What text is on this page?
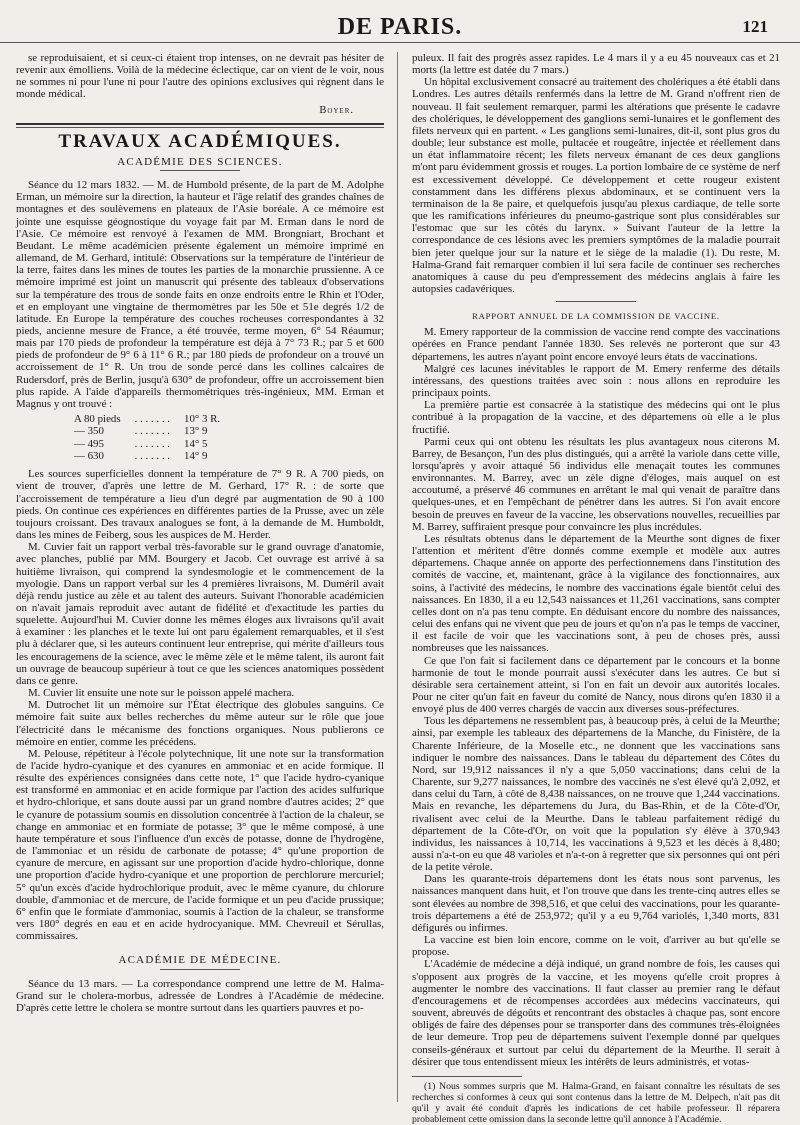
DE PARIS.	121

se reproduisaient, et si ceux-ci étaient trop intenses, on ne devrait pas hésiter de revenir aux émolliens. Voilà de la médecine éclectique, car on vient de le voir, nous ne sommes ni pour l'une ni pour l'autre des opinions exclusives qui règnent dans le monde médical.

Boyer.
TRAVAUX ACADÉMIQUES.
ACADÉMIE DES SCIENCES.

Séance du 12 mars 1832. — M. de Humbold présente, de la part de M. Adolphe Erman, un mémoire sur la direction, la hauteur et l'âge relatif des grandes chaînes de montagnes et des soulèvemens en plateaux de l'Asie boréale. A ce mémoire est jointe une esquisse géognostique du voyage fait par M. Erman dans le nord de l'Asie. Ce mémoire est renvoyé à l'examen de MM. Brongniart, Brochant et Beudant. Le même académicien présente également un mémoire imprimé en allemand, de M. Gerhard, intitulé: Observations sur la température de l'intérieur de la terre, faites dans les mines de toutes les parties de la monarchie prussienne. A ce mémoire imprimé est joint un manuscrit qui présente des tableaux d'observations sur la température des trous de sonde faits en onze endroits entre le Rhin et l'Oder, et en employant une vingtaine de thermomètres par les 50e et 51e degrés 1/2 de latitude. En Europe la température des couches rocheuses correspondantes à 32 pieds, ancienne mesure de France, a été trouvée, terme moyen, 6° 54 Réaumur; mais par 170 pieds de profondeur la température est déjà à 7° 73 R.; par 5 et 600 pieds de profondeur de 9° 6 à 11° 6 R.; par 180 pieds de profondeur on a trouvé un accroissement de 1° R. Un trou de sonde percé dans les collines calcaires de Rudersdorf, près de Berlin, jusqu'à 630° de profondeur, offre un accroissement bien plus rapide. A l'aide d'appareils thermométriques très-ingénieux, MM. Erman et Magnus y ont trouvé :

A 80 pieds	. . . . . . .	10° 3 R.
— 350	. . . . . . .	13° 9
— 495	. . . . . . .	14° 5
— 630	. . . . . . .	14° 9

Les sources superficielles donnent la température de 7° 9 R. A 700 pieds, on vient de trouver, d'après une lettre de M. Gerhard, 17° R. : de sorte que l'accroissement de température a lieu d'un degré par augmentation de 90 à 100 pieds. On continue ces expériences en différentes parties de la Prusse, avec un zèle toujours croissant. Des travaux analogues se font, à la demande de M. Humboldt, dans les mines de Feiberg, sous les auspices de M. Herder.

M. Cuvier fait un rapport verbal très-favorable sur le grand ouvrage d'anatomie, avec planches, publié par MM. Bourgery et Jacob. Cet ouvrage est arrivé à sa huitième livraison, qui comprend la syndesmologie et le commencement de la myologie. Dans un rapport verbal sur les 4 premières livraisons, M. Duméril avait déjà rendu justice au zèle et au talent des auteurs. Suivant l'honorable académicien on n'avait jamais reproduit avec autant de fidélité et d'exactitude les parties du squelette. Aujourd'hui M. Cuvier donne les mêmes éloges aux livraisons qu'il avait à examiner : les planches et le texte lui ont paru également remarquables, et il s'est plu à déclarer que, si les auteurs continuent leur entreprise, qui mérite d'ailleurs tous les encouragemens de la science, avec le même zèle et le même talent, ils auront fait un ouvrage de beaucoup supérieur à tout ce que les sciences anatomiques possèdent dans ce genre.

M. Cuvier lit ensuite une note sur le poisson appelé machera.

M. Dutrochet lit un mémoire sur l'État électrique des globules sanguins. Ce mémoire fait suite aux belles recherches du même auteur sur le rôle que joue l'électricité dans le mécanisme des fonctions organiques. Nous publierons ce mémoire en entier, comme les précédens.

M. Pelouse, répétiteur à l'école polytechnique, lit une note sur la transformation de l'acide hydro-cyanique et des cyanures en ammoniac et en acide formique. Il résulte des expériences consignées dans cette note, 1° que l'acide hydro-cyanique est transformé en ammoniac et en acide formique par l'action des acides sulfurique et hydro-chlorique, et sans doute aussi par un grand nombre d'autres acides; 2° que le cyanure de potassium soumis en dissolution concentrée à l'action de la chaleur, se change en ammoniac et en formiate de potasse; 3° que le même composé, à une haute température et sous l'influence d'un excès de potasse, donne de l'hydrogène, de l'ammoniac et un résidu de carbonate de potasse; 4° qu'une proportion de cyanure de mercure, en agissant sur une proportion d'acide hydro-chlorique, donne une proportion d'acide hydro-cyanique et une proportion de perchlorure mercuriel; 5° qu'un excès d'acide hydrochlorique produit, avec le même cyanure, du chlorure double, d'ammoniac et de mercure, de l'acide formique et un peu d'acide prussique; 6° enfin que le formiate d'ammoniac, soumis à l'action de la chaleur, se transforme vers 180° degrés en eau et en acide hydrocyanique. MM. Chevreuil et Sérullas, commissaires.

ACADÉMIE DE MÉDECINE.

Séance du 13 mars. — La correspondance comprend une lettre de M. Halma-Grand sur le cholera-morbus, adressée de Londres à l'Académie de médecine. D'après cette lettre le cholera se montre surtout dans les quartiers pauvres et po-

puleux. Il fait des progrès assez rapides. Le 4 mars il y a eu 45 nouveaux cas et 21 morts (la lettre est datée du 7 mars.)

Un hôpital exclusivement consacré au traitement des cholériques a été établi dans Londres. Les autres détails renfermés dans la lettre de M. Grand n'offrent rien de nouveau. Il fait seulement remarquer, parmi les altérations que présente le cadavre des cholériques, le développement des ganglions semi-lunaires et le gonflement des filets nerveux qui en partent. « Les ganglions semi-lunaires, dit-il, sont plus gros du double; leur substance est molle, pultacée et rougeâtre, injectée et réellement dans un état inflammatoire récent; les filets nerveux émanant de ces deux ganglions m'ont paru évidemment grossis et rouges. La portion lombaire de ce système de nerf est excessivement développé. Ce développement et cette rougeur existent constamment dans les différens plexus abdominaux, et se continuent vers la terminaison de la 8e paire, et quelquefois jusqu'au plexus cardiaque, de telle sorte que les ramifications inférieures du pneumo-gastrique sont plus considérables sur l'estomac que sur les côtés du larynx. » Suivant l'auteur de la lettre la correspondance de ces lésions avec les premiers symptômes de la maladie pourrait bien jeter quelque jour sur la nature et le siège de la maladie (1). Du reste, M. Halma-Grand fait remarquer combien il lui sera facile de continuer ses recherches anatomiques à cause du peu d'empressement des médecins anglais à faire les autopsies cadavériques.

RAPPORT ANNUEL DE LA COMMISSION DE VACCINE.

M. Emery rapporteur de la commission de vaccine rend compte des vaccinations opérées en France pendant l'année 1830. Ses relevés ne porteront que sur 43 départemens, les autres n'ayant point encore envoyé leurs états de vaccinations.

Malgré ces lacunes inévitables le rapport de M. Emery renferme des détails intéressans, des questions traitées avec soin : nous allons en reproduire les principaux points.

La première partie est consacrée à la statistique des médecins qui ont le plus contribué à la propagation de la vaccine, et des départemens où elle a le plus fructifié.

Parmi ceux qui ont obtenu les résultats les plus avantageux nous citerons M. Barrey, de Besançon, l'un des plus distingués, qui a arrêté la variole dans cette ville, lorsqu'après y avoir attaqué 56 individus elle menaçait toutes les communes environnantes. M. Barrey, avec un zèle digne d'éloges, mais auquel on est accoutumé, a préservé 46 communes en arrêtant le mal qui venait de paraître dans quelques-unes, et en l'empêchant de pénétrer dans les autres. Si l'on avait encore besoin de preuves en faveur de la vaccine, les observations nouvelles, recueillies par M. Barrey, suffiraient presque pour convaincre les plus incrédules.

Les résultats obtenus dans le département de la Meurthe sont dignes de fixer l'attention et méritent d'être donnés comme exemple et modèle aux autres départemens. Chaque année on apporte des perfectionnemens dans l'institution des comités de vaccine, et, maintenant, grâce à la vigilance des fonctionnaires, aux soins, à l'activité des médecins, le nombre des vaccinations égale bientôt celui des naissances. En 1830, il a eu 12,543 naissances et 11,261 vaccinations, sans compter celles dont on n'a pas tenu compte. En déduisant encore du nombre des naissances, celui des enfans qui ne vivent que peu de jours et qu'on n'a pas le temps de vacciner, il est facile de voir que les vaccinations sont, à peu de choses près, aussi nombreuses que les naissances.

Ce que l'on fait si facilement dans ce département par le concours et la bonne harmonie de tout le monde pourrait aussi s'exécuter dans les autres. Ce but si désirable sera certainement atteint, si l'on en fait un devoir aux autorités locales. Pour ne citer qu'un fait en faveur du comité de Nancy, nous dirons qu'en 1830 il a envoyé plus de 400 verres chargés de vaccin aux diverses sous-préfectures.

Tous les départemens ne ressemblent pas, à beaucoup près, à celui de la Meurthe; ainsi, par exemple les tableaux des départemens de la Manche, du Finistère, de la Charente Inférieure, de la Moselle etc., ne donnent que les vaccinations sans indiquer le nombre des naissances. Dans le tableau du département des Côtes du Nord, sur 19,912 naissances il n'y a que 5,050 vaccinations; dans celui de la Charente, sur 9,277 naissances, le nombre des vaccinés ne s'est élevé qu'à 2,092, et dans celui du Tarn, à côté de 8,438 naissances, on ne trouve que 1,244 vaccinations. Mais en revanche, les départemens du Jura, du Bas-Rhin, et de la Côte-d'Or, rivalisent avec celui de la Meurthe. Dans le tableau parfaitement rédigé du département de la Côte-d'Or, on voit que la population s'y élève à 370,943 individus, les naissances à 10,714, les vaccinations à 9,523 et les décès à 8,480; aussi n'a-t-on eu que 48 varioles et n'a-t-on à regretter que six personnes qui ont péri de la petite vérole.

Dans les quarante-trois départemens dont les états nous sont parvenus, les naissances manquent dans huit, et l'on trouve que dans les trente-cinq autres elles se sont élevées au nombre de 398,516, et que celui des vaccinations, pour les quarante-trois départemens a été de 253,972; qu'il y a eu 9,764 variolés, 1,340 morts, 831 défigurés ou infirmes.

La vaccine est bien loin encore, comme on le voit, d'arriver au but qu'elle se propose.

L'Académie de médecine a déjà indiqué, un grand nombre de fois, les causes qui s'opposent aux progrès de la vaccine, et les moyens qu'elle croit propres à augmenter le nombre des vaccinations. Il faut classer au premier rang le défaut d'encouragemens et de récompenses accordées aux médecins vaccinateurs, qui souvent, abreuvés de dégoûts et rencontrant des obstacles à chaque pas, sont encore obligés de faire des dépenses pour se transporter dans des communes très-éloignées de leur demeure. Trop peu de départemens suivent l'exemple donné par quelques conseils-généraux et surtout par celui du département de la Meurthe. Il serait à désirer que tous entendissent mieux les intérêts de leurs administrés, et votas-

(1) Nous sommes surpris que M. Halma-Grand, en faisant connaître les résultats de ses recherches si conformes à ceux qui sont contenus dans la lettre de M. Delpech, n'ait pas dit qu'il y avait été conduit d'après les indications de cet habile professeur. Il réparera probablement cette omission dans la seconde lettre qu'il annonce à l'Académie.
